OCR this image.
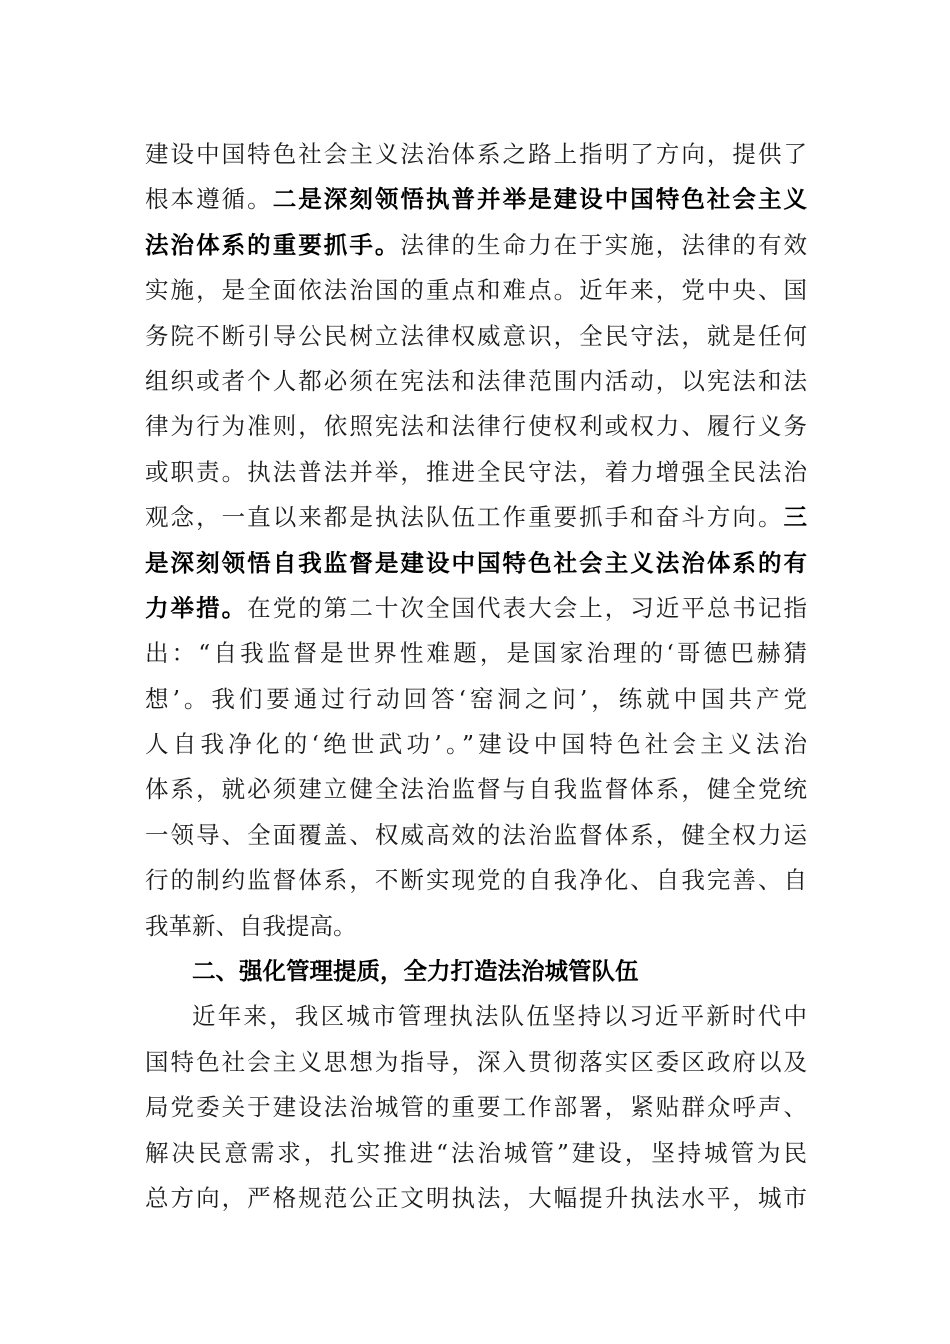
建设中国特色社会主义法治体系之路上指明了方向，提供了
根本遵循。二是深刻领悟执普并举是建设中国特色社会主义
法治体系的重要抓手。法律的生命力在于实施，法律的有效
实施，是全面依法治国的重点和难点。近年来，党中央、国
务院不断引导公民树立法律权威意识，全民守法，就是任何
组织或者个人都必须在宪法和法律范围内活动，以宪法和法
律为行为准则，依照宪法和法律行使权利或权力、履行义务
或职责。执法普法并举，推进全民守法，着力增强全民法治
观念，一直以来都是执法队伍工作重要抓手和奋斗方向。三
是深刻领悟自我监督是建设中国特色社会主义法治体系的有
力举措。在党的第二十次全国代表大会上，习近平总书记指
出：“自我监督是世界性难题，是国家治理的‘哥德巴赫猜
想’。我们要通过行动回答‘窑洞之问’，练就中国共产党
人自我净化的‘绝世武功’。”建设中国特色社会主义法治
体系，就必须建立健全法治监督与自我监督体系，健全党统
一领导、全面覆盖、权威高效的法治监督体系，健全权力运
行的制约监督体系，不断实现党的自我净化、自我完善、自
我革新、自我提高。
二、强化管理提质，全力打造法治城管队伍
近年来，我区城市管理执法队伍坚持以习近平新时代中
国特色社会主义思想为指导，深入贯彻落实区委区政府以及
局党委关于建设法治城管的重要工作部署，紧贴群众呼声、
解决民意需求，扎实推进“法治城管”建设，坚持城管为民
总方向，严格规范公正文明执法，大幅提升执法水平，城市
